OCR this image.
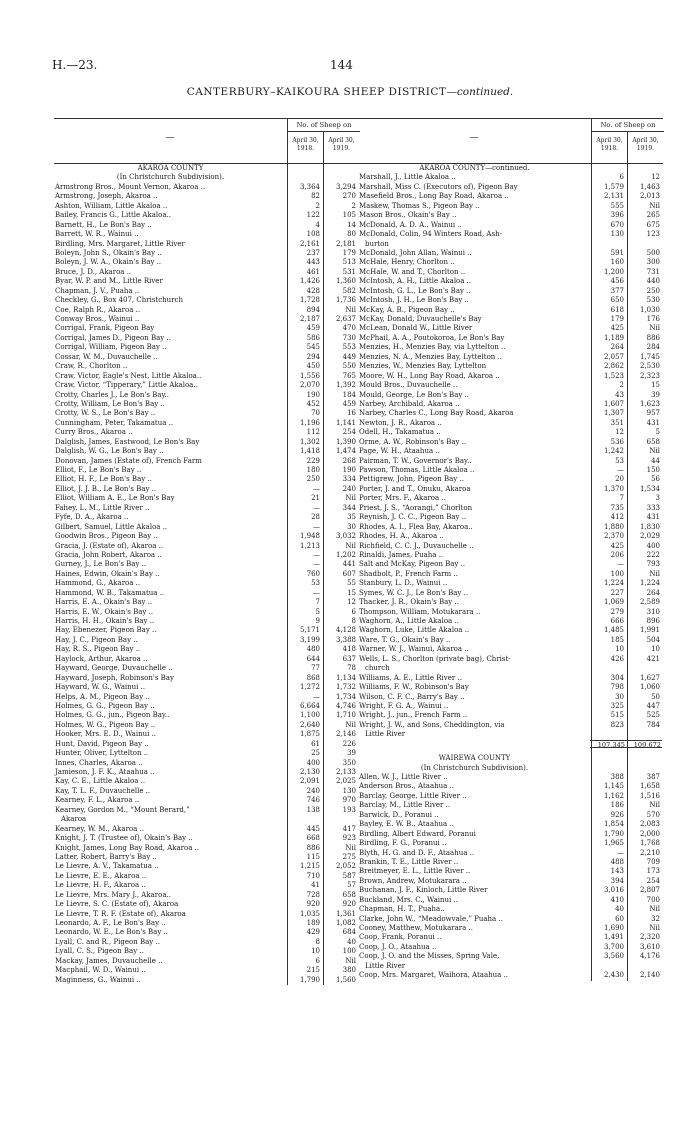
H.—23.	144
CANTERBURY–KAIKOURA SHEEP DISTRICT—continued.
—
No. of Sheep on
April 30, 1918.
April 30, 1919.
AKAROA COUNTY
(In Christchurch Subdivision).
Armstrong Bros., Mount Vernon, Akaroa ..	3,364	3,294
Armstrong, Joseph, Akaroa ..	82	270
Ashton, William, Little Akaloa ..	2	2
Bailey, Francis G., Little Akaloa..	122	105
Barnett, H., Le Bon's Bay ..	4	14
Barrett, W. R., Wainui ..	108	80
Birdling, Mrs. Margaret, Little River	2,161	2,181
Boleyn, John S., Okain's Bay ..	237	179
Boleyn, J. W. A., Okain's Bay ..	443	513
Bruce, J. D., Akaroa ..	461	531
Byar, W. P. and M., Little River	1,426	1,360
Chapman, J. V., Puaha ..	428	582
Checkley, G., Box 407, Christchurch	1,728	1,736
Coe, Ralph R., Akaroa ..	894	Nil
Conway Bros., Wainui ..	2,187	2,637
Corrigal, Frank, Pigeon Bay	459	470
Corrigal, James D., Pigeon Bay ..	586	730
Corrigal, William, Pigeon Bay ..	545	553
Cossar, W. M., Duvauchelle ..	294	449
Craw, R., Chorlton ..	450	550
Craw, Victor, Eagle's Nest, Little Akaloa..	1,556	765
Craw, Victor, “Tipperary,” Little Akaloa..	2,070	1,392
Crotty, Charles J., Le Bon's Bay..	190	184
Crotty, William, Le Bon's Bay ..	452	459
Crotty, W. S., Le Bon's Bay ..	70	16
Cunningham, Peter, Takamatua ..	1,196	1,141
Curry Bros., Akaroa ..	112	254
Dalglish, James, Eastwood, Le Bon's Bay	1,302	1,390
Dalglish, W. G., Le Bon's Bay ..	1,418	1,474
Donovan, James (Estate of), French Farm	229	268
Elliot, F., Le Bon's Bay ..	180	190
Elliot, H. F., Le Bon's Bay ..	250	334
Elliot, J. J. B., Le Bon's Bay ..	—	240
Elliot, William A. E., Le Bon's Bay	21	Nil
Fahey, L. M., Little River ..	—	344
Fyfe, D. A., Akaroa ..	28	35
Gilbert, Samuel, Little Akaloa ..	—	30
Goodwin Bros., Pigeon Bay ..	1,948	3,032
Gracia, J. (Estate of), Akaroa ..	1,213	Nil
Gracia, John Robert, Akaroa ..	—	1,202
Gurney, J., Le Bon's Bay ..	—	441
Haines, Edwin, Okain's Bay ..	760	607
Hammond, G., Akaroa ..	53	55
Hammond, W. B., Takamatua ..	—	15
Harris, E. A., Okain's Bay ..	7	12
Harris, E. W., Okain's Bay ..	5	6
Harris, H. H., Okain's Bay ..	9	8
Hay, Ebenezer, Pigeon Bay ..	5,171	4,128
Hay, J. C., Pigeon Bay ..	3,199	3,388
Hay, R. S., Pigeon Bay ..	480	418
Haylock, Arthur, Akaroa ..	644	637
Hayward, George, Duvauchelle ..	77	78
Hayward, Joseph, Robinson's Bay	868	1,134
Hayward, W. G., Wainui ..	1,272	1,732
Helps, A. M., Pigeon Bay ..	—	1,734
Holmes, G. G., Pigeon Bay ..	6,664	4,746
Holmes, G. G., jun., Pigeon Bay..	1,100	1,710
Holmes, W. G., Pigeon Bay ..	2,640	Nil
Hooker, Mrs. E. D., Wainui ..	1,875	2,146
Hunt, David, Pigeon Bay ..	61	226
Hunter, Oliver, Lyttelton ..	25	39
Innes, Charles, Akaroa ..	400	350
Jamieson, J. F. K., Ataahua ..	2,130	2,133
Kay, C. E., Little Akaloa ..	2,091	2,025
Kay, T. L. F., Duvauchelle ..	240	130
Kearney, F. L., Akaroa ..	746	970
Kearney, Gordon M., “Mount Berard,”	138	193
Akaroa
Kearney, W. M., Akaroa ..	445	417
Knight, J. T. (Trustee of), Okain's Bay ..	668	923
Knight, James, Long Bay Road, Akaroa ..	886	Nil
Latter, Robert, Barry's Bay ..	115	275
Le Lievre, A. V., Takamatua ..	1,215	2,052
Le Lievre, E. E., Akaroa ..	710	587
Le Lievre, H. F., Akaroa ..	41	57
Le Lievre, Mrs. Mary J., Akaroa..	728	658
Le Lievre, S. C. (Estate of), Akaroa	920	920
Le Lievre, T. R. F. (Estate of), Akaroa	1,035	1,361
Leonardo, A. F., Le Bon's Bay ..	189	1,082
Leonardo, W. E., Le Bon's Bay ..	429	684
Lyall, C. and R., Pigeon Bay ..	8	40
Lyall, C. S., Pigeon Bay ..	10	100
Mackay, James, Duvauchelle ..	6	Nil
Macphail, W. D., Wainui ..	215	380
Maginness, G., Wainui ..	1,790	1,560
—
No. of Sheep on
April 30, 1918.
April 30, 1919.
AKAROA COUNTY—continued.
Marshall, J., Little Akaloa ..	6	12
Marshall, Miss C. (Executors of), Pigeon Bay	1,579	1,463
Masefield Bros., Long Bay Road, Akaroa ..	2,131	2,013
Maskew, Thomas S., Pigeon Bay ..	555	Nil
Mason Bros., Okain's Bay ..	396	265
McDonald, A. D. A., Wainui ..	670	675
McDonald, Colin, 94 Winters Road, Ash-	130	123
burton
McDonald, John Allan, Wainui ..	591	500
McHale, Henry, Chorlton ..	160	300
McHale, W. and T., Chorlton ..	1,200	731
McIntosh, A. H., Little Akaloa ..	456	440
McIntosh, G. L., Le Bon's Bay ..	377	250
McIntosh, J. H., Le Bon's Bay ..	650	530
McKay, A. B., Pigeon Bay ..	618	1,030
McKay, Donald, Duvauchelle's Bay	179	176
McLean, Donald W., Little River	425	Nil
McPhail, A. A., Poutokoroa, Le Bon's Bay	1,189	886
Menzies, H., Menzies Bay, via Lyttelton ..	264	284
Menzies, N. A., Menzies Bay, Lyttelton ..	2,057	1,745
Menzies, W., Menzies Bay, Lyttelton	2,862	2,530
Moore, W. H., Long Bay Road, Akaroa ..	1,523	2,323
Mould Bros., Duvauchelle ..	2	15
Mould, George, Le Bon's Bay ..	43	39
Narbey, Archibald, Akaroa ..	1,607	1,623
Narbey, Charles C., Long Bay Road, Akaroa	1,307	957
Newton, J. R., Akaroa ..	351	431
Odell, H., Takamatua ..	12	5
Orme, A. W., Robinson's Bay ..	536	658
Page, W. H., Ataahua ..	1,242	Nil
Pairman, T. W., Governor's Bay..	53	44
Pawson, Thomas, Little Akaloa ..	—	150
Pettigrew, John, Pigeon Bay ..	20	56
Porter, J. and T., Onuku, Akaroa	1,370	1,534
Porter, Mrs. F., Akaroa ..	7	3
Priest, J. S., “Aorangi,” Chorlton	735	333
Reynish, J. C. C., Pigeon Bay ..	412	431
Rhodes, A. I., Flea Bay, Akaroa..	1,880	1,830
Rhodes, H. A., Akaroa ..	2,370	2,029
Richfield, C. C. J., Duvauchelle ..	425	400
Rinaldi, James, Puaha ..	206	222
Salt and McKay, Pigeon Bay ..	—	793
Shadbolt, P., French Farm ..	100	Nil
Stanbury, L. D., Wainui ..	1,224	1,224
Symes, W. C. J., Le Bon's Bay ..	227	264
Thacker, J. R., Okain's Bay ..	1,069	2,589
Thompson, William, Motukarara ..	279	310
Waghorn, A., Little Akaloa ..	666	896
Waghorn, Luke, Little Akaloa ..	1,485	1,991
Ware, T. G., Okain's Bay ..	185	504
Warner, W. J., Wainui, Akaroa ..	10	10
Wells, L. S., Chorlton (private bag), Christ-	426	421
church
Williams, A. E., Little River ..	304	1,627
Williams, F. W., Robinson's Bay	798	1,060
Wilson, C. F. C., Barry's Bay ..	30	50
Wright, F. G. A., Wainui ..	325	447
Wright, J., jun., French Farm ..	515	525
Wright, J. W., and Sons, Cheddington, via	823	784
Little River
107,345	109,672
WAIREWA COUNTY
(In Christchurch Subdivision).
Allen, W. J., Little River ..	388	387
Anderson Bros., Ataahua ..	1,145	1,658
Barclay, George, Little River ..	1,162	1,516
Barclay, M., Little River ..	186	Nil
Barwick, D., Poranui ..	926	570
Bayley, E. W. B., Ataahua ..	1,854	2,083
Birdling, Albert Edward, Poranui	1,790	2,000
Birdling, F. G., Poranui ..	1,965	1,768
Blyth, H. G. and D. F., Ataahua ..	—	2,210
Brankin, T. E., Little River ..	488	709
Breitmeyer, E. L., Little River ..	143	173
Brown, Andrew, Motukarara ..	394	254
Buchanan, J. F., Kinloch, Little River	3,016	2,807
Buckland, Mrs. C., Wainui ..	410	700
Chapman, H. T., Puaha..	40	Nil
Clarke, John W., “Meadowvale,” Puaha ..	60	32
Cooney, Matthew, Motukarara ..	1,690	Nil
Coop, Frank, Poranui ..	1,491	2,320
Coop, J. O., Ataahua ..	3,700	3,610
Coop, J. O. and the Misses, Spring Vale,	3,560	4,176
Little River
Coop, Mrs. Margaret, Waihora, Ataahua ..	2,430	2,140
